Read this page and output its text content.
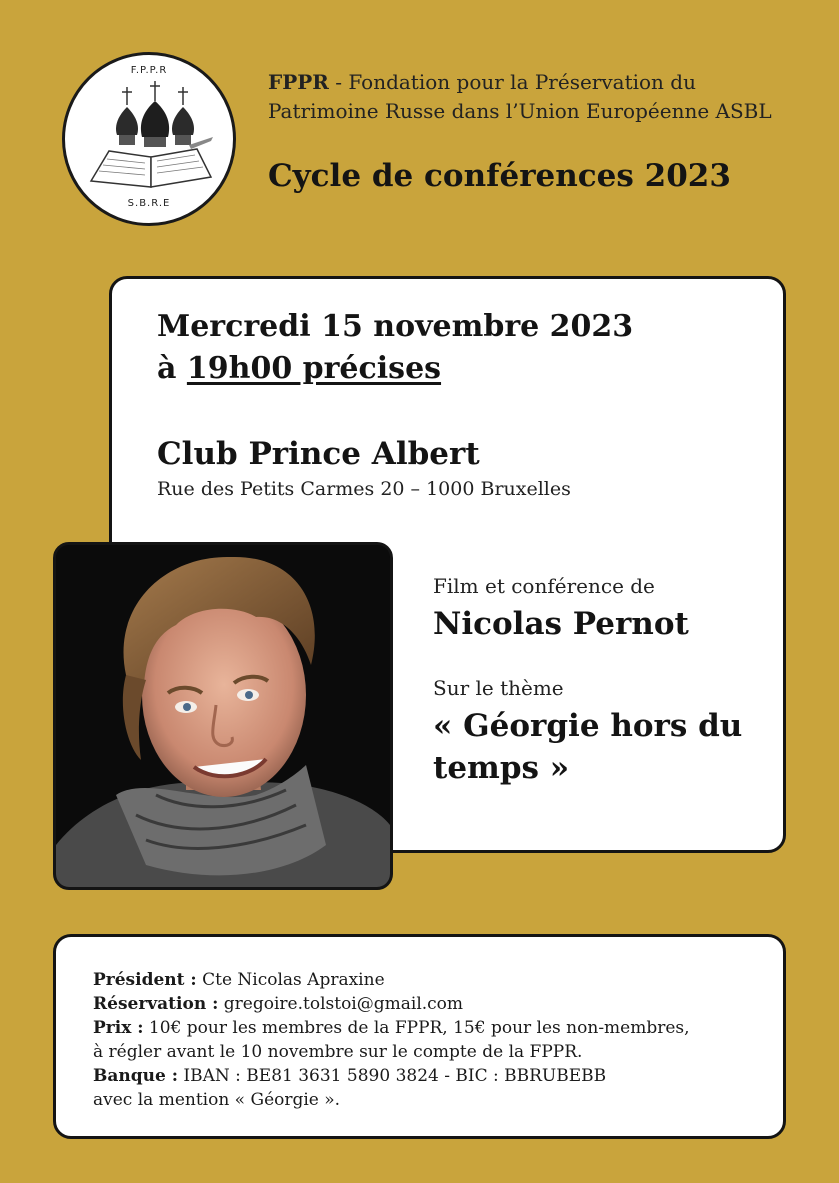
F.P.P.R
S.B.R.E
FPPR - Fondation pour la Préservation du
Patrimoine Russe dans l’Union Européenne ASBL
Cycle de conférences 2023
Mercredi 15 novembre 2023
à 19h00 précises
Club Prince Albert
Rue des Petits Carmes 20 – 1000 Bruxelles
Film et conférence de
Nicolas Pernot
Sur le thème
« Géorgie hors du temps »
Président : Cte Nicolas Apraxine
Réservation : gregoire.tolstoi@gmail.com
Prix : 10€ pour les membres de la FPPR, 15€ pour les non-membres,
à régler avant le 10 novembre sur le compte de la FPPR.
Banque : IBAN : BE81 3631 5890 3824 - BIC : BBRUBEBB
avec la mention « Géorgie ».
